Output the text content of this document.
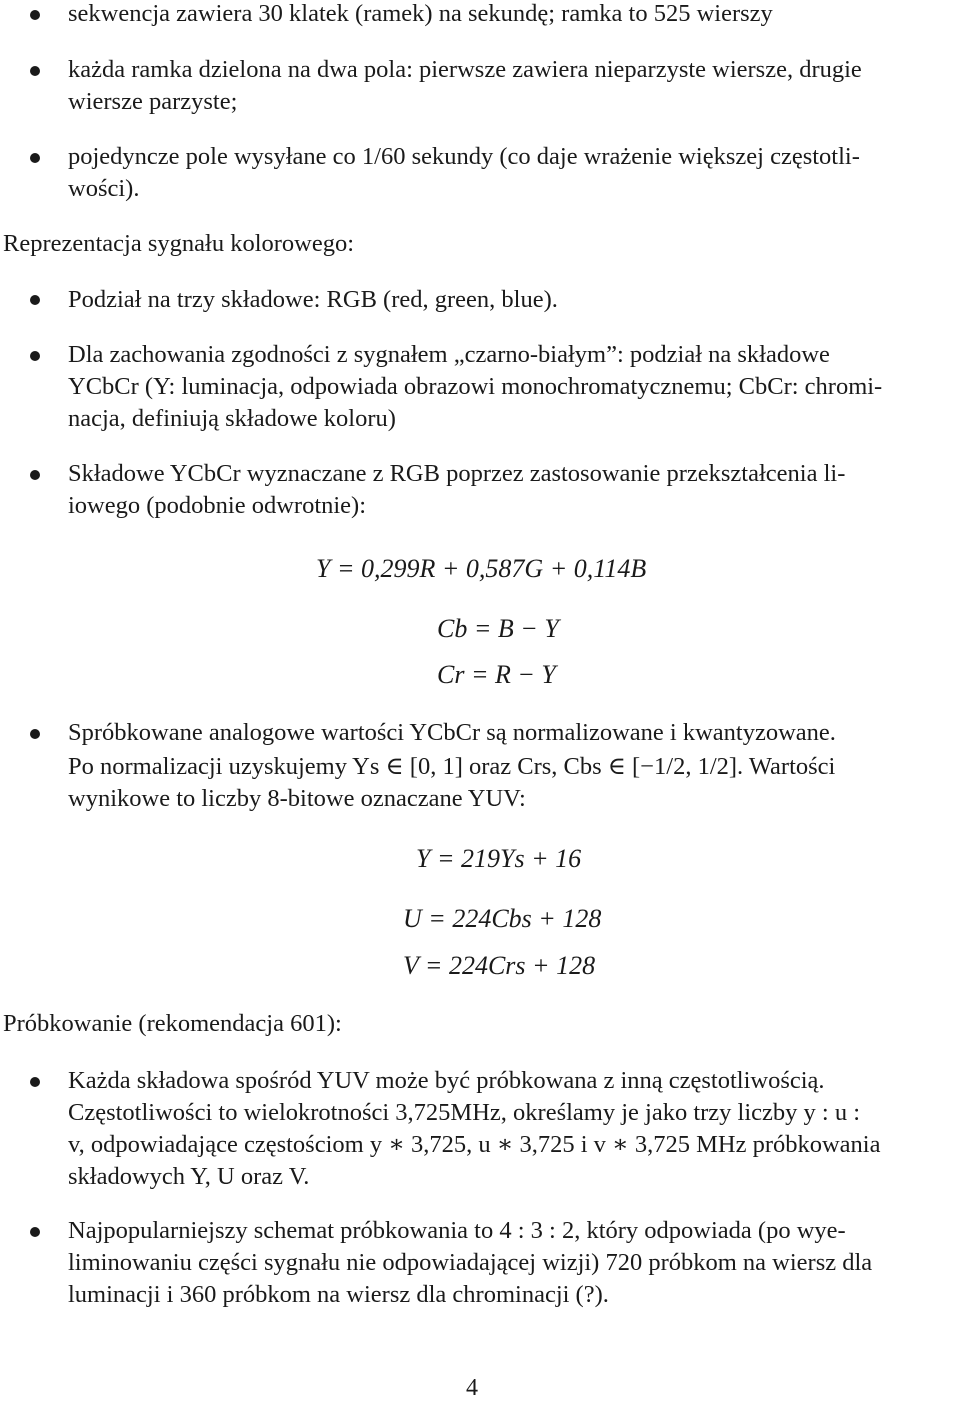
sekwencja zawiera 30 klatek (ramek) na sekundę; ramka to 525 wierszy
każda ramka dzielona na dwa pola: pierwsze zawiera nieparzyste wiersze, drugie
wiersze parzyste;
pojedyncze pole wysyłane co 1/60 sekundy (co daje wrażenie większej częstotli-
wości).
Reprezentacja sygnału kolorowego:
Podział na trzy składowe: RGB (red, green, blue).
Dla zachowania zgodności z sygnałem „czarno-białym”: podział na składowe
YCbCr (Y: luminacja, odpowiada obrazowi monochromatycznemu; CbCr: chromi-
nacja, definiują składowe koloru)
Składowe YCbCr wyznaczane z RGB poprzez zastosowanie przekształcenia li-
iowego (podobnie odwrotnie):
Y = 0,299R + 0,587G + 0,114B
Cb = B − Y
Cr = R − Y
Spróbkowane analogowe wartości YCbCr są normalizowane i kwantyzowane.
Po normalizacji uzyskujemy Ys ∈ [0, 1] oraz Crs, Cbs ∈ [−1/2, 1/2]. Wartości
wynikowe to liczby 8-bitowe oznaczane YUV:
Y = 219Ys + 16
U = 224Cbs + 128
V = 224Crs + 128
Próbkowanie (rekomendacja 601):
Każda składowa spośród YUV może być próbkowana z inną częstotliwością.
Częstotliwości to wielokrotności 3,725MHz, określamy je jako trzy liczby y : u :
v, odpowiadające częstościom y ∗ 3,725, u ∗ 3,725 i v ∗ 3,725 MHz próbkowania
składowych Y, U oraz V.
Najpopularniejszy schemat próbkowania to 4 : 3 : 2, który odpowiada (po wye-
liminowaniu części sygnału nie odpowiadającej wizji) 720 próbkom na wiersz dla
luminacji i 360 próbkom na wiersz dla chrominacji (?).
4
